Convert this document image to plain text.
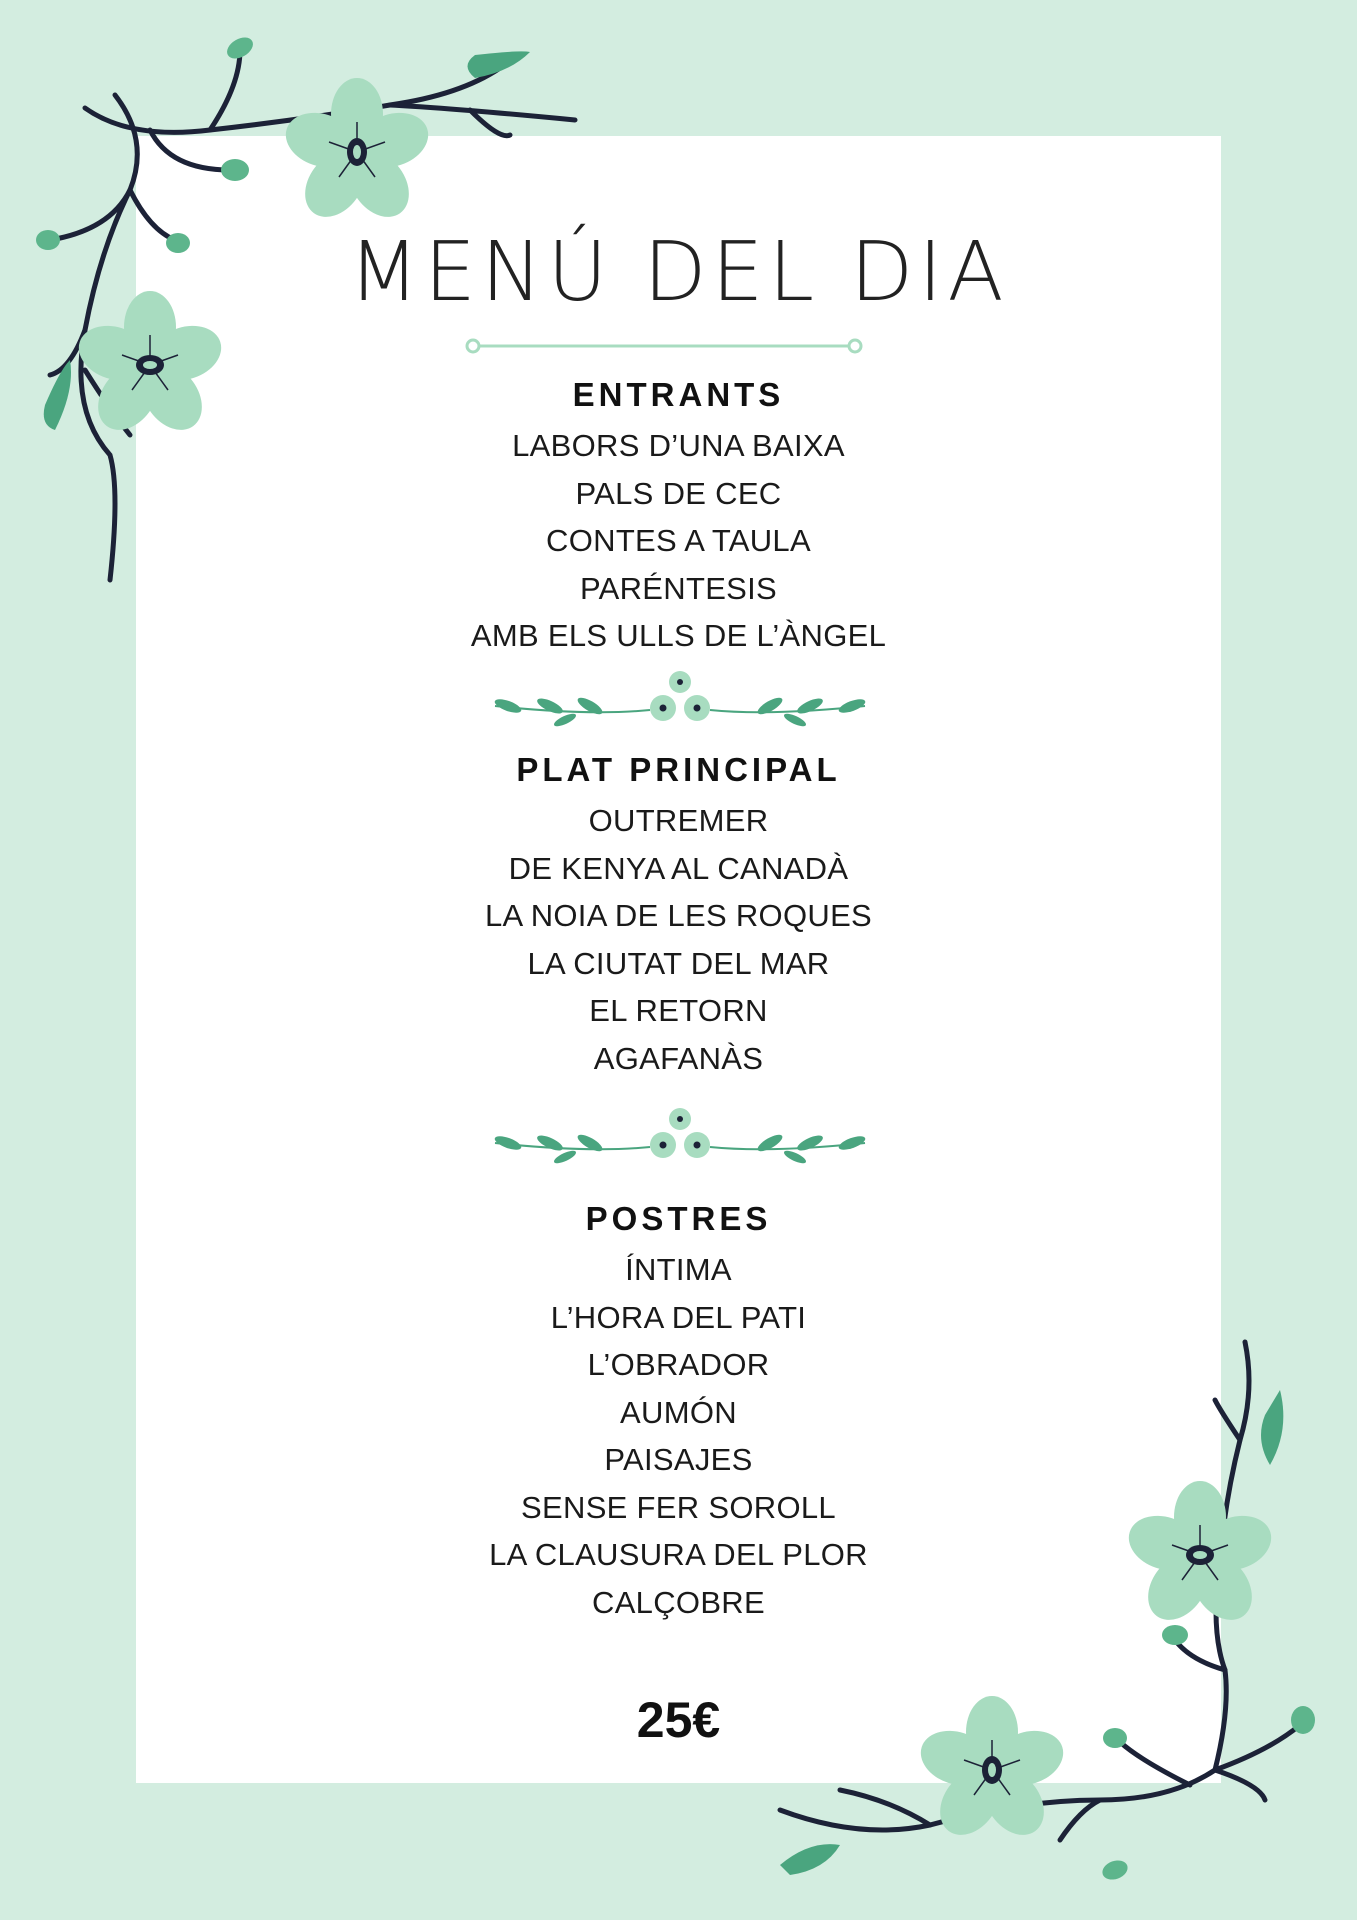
MENÚ DEL DIA
ENTRANTS
LABORS D’UNA BAIXA
PALS DE CEC
CONTES A TAULA
PARÉNTESIS
AMB ELS ULLS DE L’ÀNGEL
PLAT PRINCIPAL
OUTREMER
DE KENYA AL CANADÀ
LA NOIA DE LES ROQUES
LA CIUTAT DEL MAR
EL RETORN
AGAFANÀS
POSTRES
ÍNTIMA
L’HORA DEL PATI
L’OBRADOR
AUMÓN
PAISAJES
SENSE FER SOROLL
LA CLAUSURA DEL PLOR
CALÇOBRE
25€
